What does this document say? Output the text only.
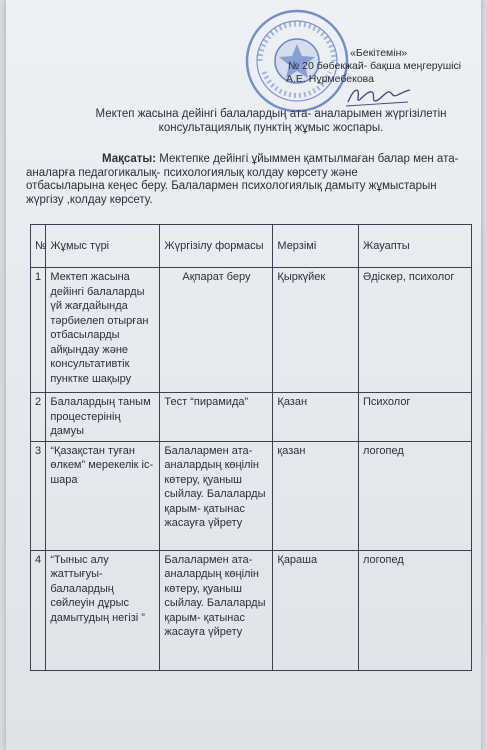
«Бекітемін»
№ 20 бөбекжай- бақша меңгерушісі
А.Е. Нұрмебекова
Мектеп жасына дейінгі балалардың ата- аналарымен жүргізілетін
консультациялық пунктің жұмыс жоспары.
Мақсаты: Мектепке дейінгі ұйыммен қамтылмаған балар мен ата-
аналарға педагогикалық- психологиялық колдау көрсету және
отбасыларына кеңес беру. Балалармен психологиялық дамыту жұмыстарын
жүргізу ,колдау көрсету.
№	Жұмыс түрі	Жүргізілу формасы	Мерзімі	Жауапты
1	Мектеп жасына дейінгі балаларды үй жағдайында тәрбиелеп отырған отбасыларды айқындау және консультативтік пунктке шақыру	Ақпарат беру	Қыркүйек	Әдіскер, психолог
2	Балалардың таным процестерінің дамуы	Тест “пирамида”	Қазан	Психолог
3	“Қазақстан туған өлкем” мерекелік іс-шара	Балалармен ата-аналардың көңілін көтеру, қуаныш сыйлау. Балаларды қарым- қатынас жасауға үйрету	қазан	логопед
4	“Тыныс алу жаттығуы- балалардың сөйлеуін дұрыс дамытудың негізі ”	Балалармен ата-аналардың көңілін көтеру, қуаныш сыйлау. Балаларды қарым- қатынас жасауға үйрету	Қараша	логопед
